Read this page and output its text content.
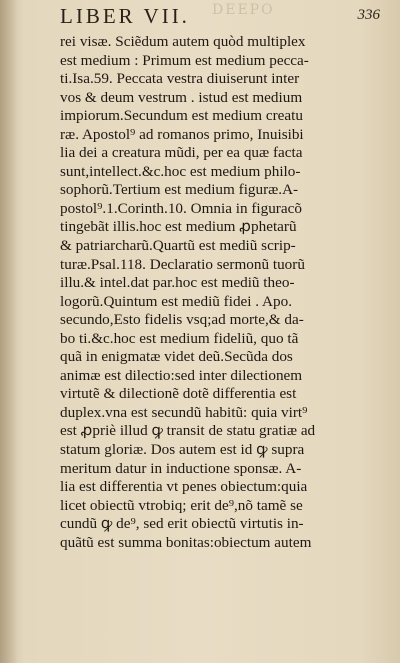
DEEPO
LIBER VII.	336
rei visæ. Sciẽdum autem quòd multiplex
est medium : Primum est medium pecca-
ti.Isa.59. Peccata vestra diuiserunt inter
vos & deum vestrum . istud est medium
impiorum.Secundum est medium creatu
ræ. Apostol⁹ ad romanos primo, Inuisibi
lia dei a creatura mũdi, per ea quæ facta
sunt,intellect.&c.hoc est medium philo-
sophorũ.Tertium est medium figuræ.A-
postol⁹.1.Corinth.10. Omnia in figuracõ
tingebãt illis.hoc est medium ꝓphetarũ
& patriarcharũ.Quartũ est mediũ scrip-
turæ.Psal.118. Declaratio sermonũ tuorũ
illu.& intel.dat par.hoc est mediũ theo-
logorũ.Quintum est mediũ fidei . Apo.
secundo,Esto fidelis vsq;ad morte,& da-
bo ti.&c.hoc est medium fideliũ, quo tã
quã in enigmatæ videt deũ.Secũda dos
animæ est dilectio:sed inter dilectionem
virtutẽ & dilectionẽ dotẽ differentia est
duplex.vna est secundũ habitũ: quia virt⁹
est ꝓpriè illud ꝙ transit de statu gratiæ ad
statum gloriæ. Dos autem est id ꝙ supra
meritum datur in inductione sponsæ. A-
lia est differentia vt penes obiectum:quia
licet obiectũ vtrobiq; erit de⁹,nõ tamẽ se
cundũ ꝙ de⁹, sed erit obiectũ virtutis in-
quãtũ est summa bonitas:obiectum autem
